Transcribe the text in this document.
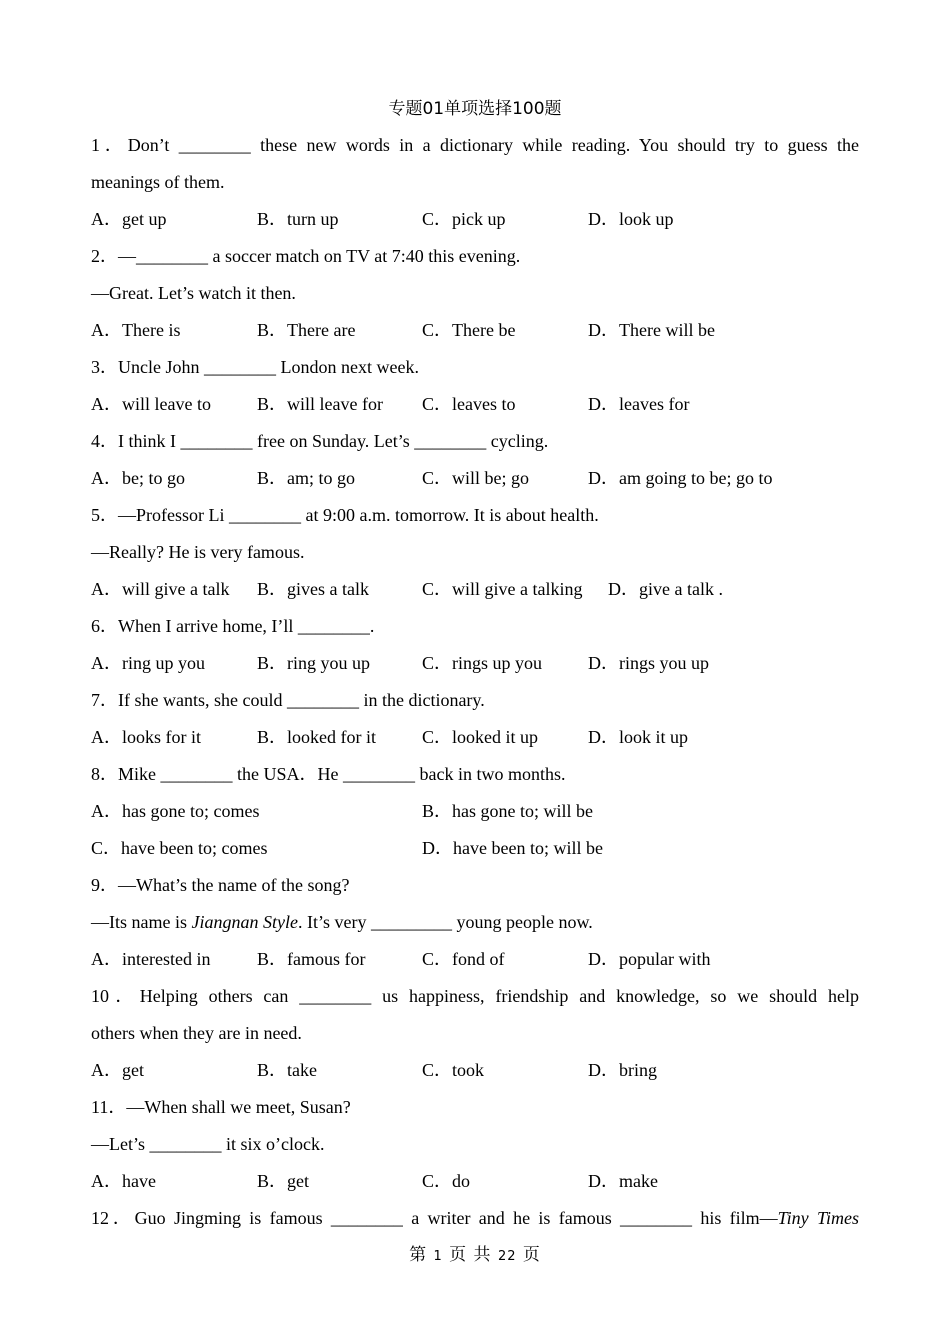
专题01单项选择100题
1．Don’t ________ these new words in a dictionary while reading. You should try to guess the
meanings of them.
A．get up	B．turn up	C．pick up	D．look up
2．—________ a soccer match on TV at 7:40 this evening.
—Great. Let’s watch it then.
A．There is	B．There are	C．There be	D．There will be
3．Uncle John ________ London next week.
A．will leave to	B．will leave for C．leaves to	D．leaves for
4．I think I ________ free on Sunday. Let’s ________ cycling.
A．be; to go	B．am; to go	C．will be; go	D．am going to be; go to
5．—Professor Li ________ at 9:00 a.m. tomorrow. It is about health.
—Really? He is very famous.
A．will give a talk B．gives a talk	C．will give a talking D．give a talk .
6．When I arrive home, I’ll ________.
A．ring up you	B．ring you up	C．rings up you	D．rings you up
7．If she wants, she could ________ in the dictionary.
A．looks for it	B．looked for it	C．looked it up	D．look it up
8．Mike ________ the USA．He ________ back in two months.
A．has gone to; comes	B．has gone to; will be
C．have been to; comes	D．have been to; will be
9．—What’s the name of the song?
—Its name is Jiangnan Style. It’s very _________ young people now.
A．interested in	B．famous for	C．fond of	D．popular with
10．Helping others can ________ us happiness, friendship and knowledge, so we should help
others when they are in need.
A．get	B．take	C．took	D．bring
11．—When shall we meet, Susan?
—Let’s ________ it six o’clock.
A．have	B．get	C．do	D．make
12．Guo Jingming is famous ________ a writer and he is famous ________ his film—Tiny Times
第 1 页 共 22 页
